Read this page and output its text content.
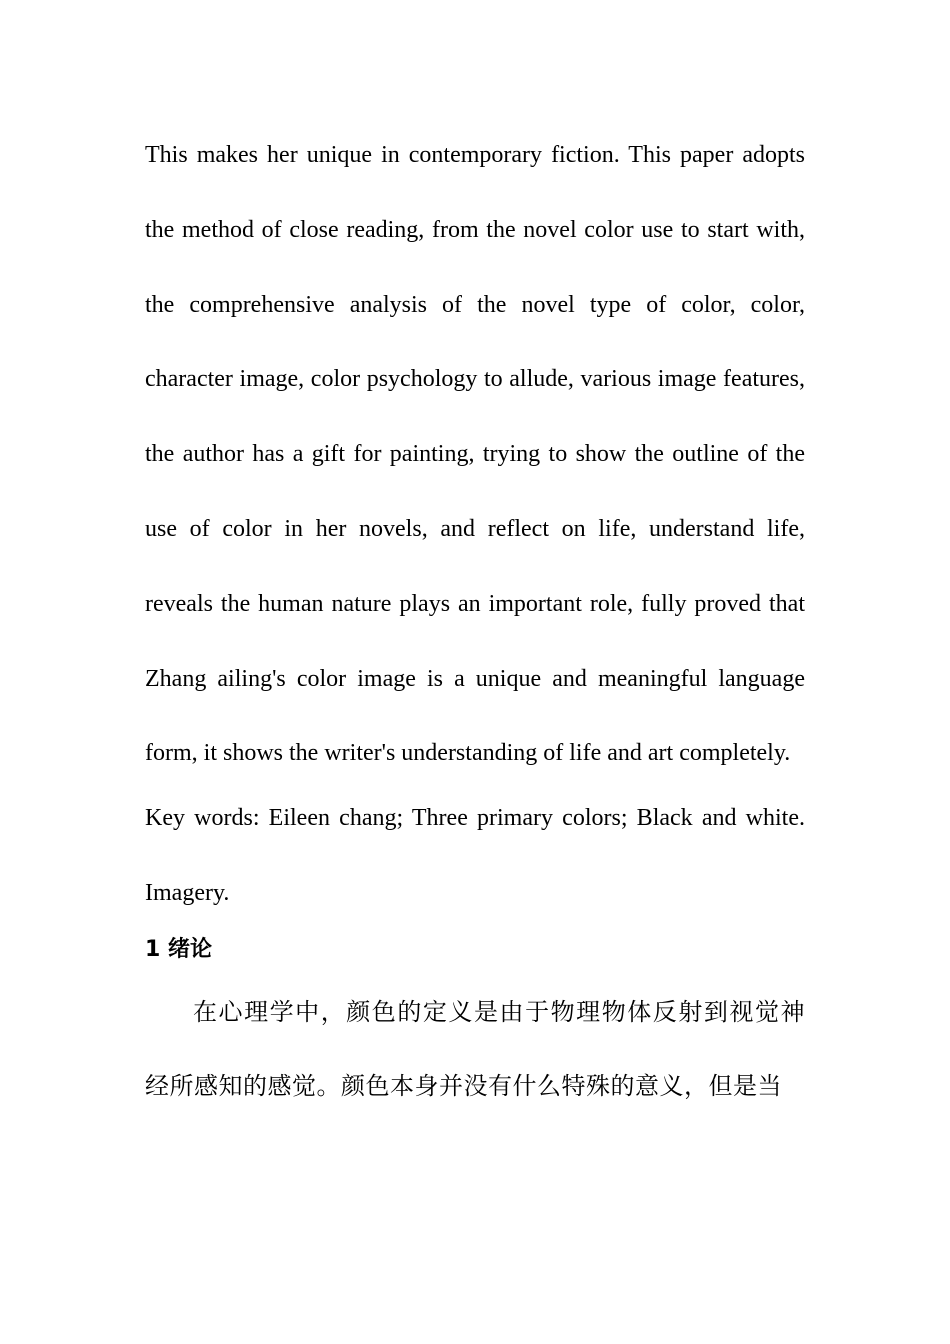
This makes her unique in contemporary fiction. This paper adopts the method of close reading, from the novel color use to start with, the comprehensive analysis of the novel type of color, color, character image, color psychology to allude, various image features, the author has a gift for painting, trying to show the outline of the use of color in her novels, and reflect on life, understand life, reveals the human nature plays an important role, fully proved that Zhang ailing's color image is a unique and meaningful language form, it shows the writer's understanding of life and art completely.

Key words: Eileen chang; Three primary colors; Black and white. Imagery.

1 绪论

在心理学中，颜色的定义是由于物理物体反射到视觉神经所感知的感觉。颜色本身并没有什么特殊的意义，但是当
